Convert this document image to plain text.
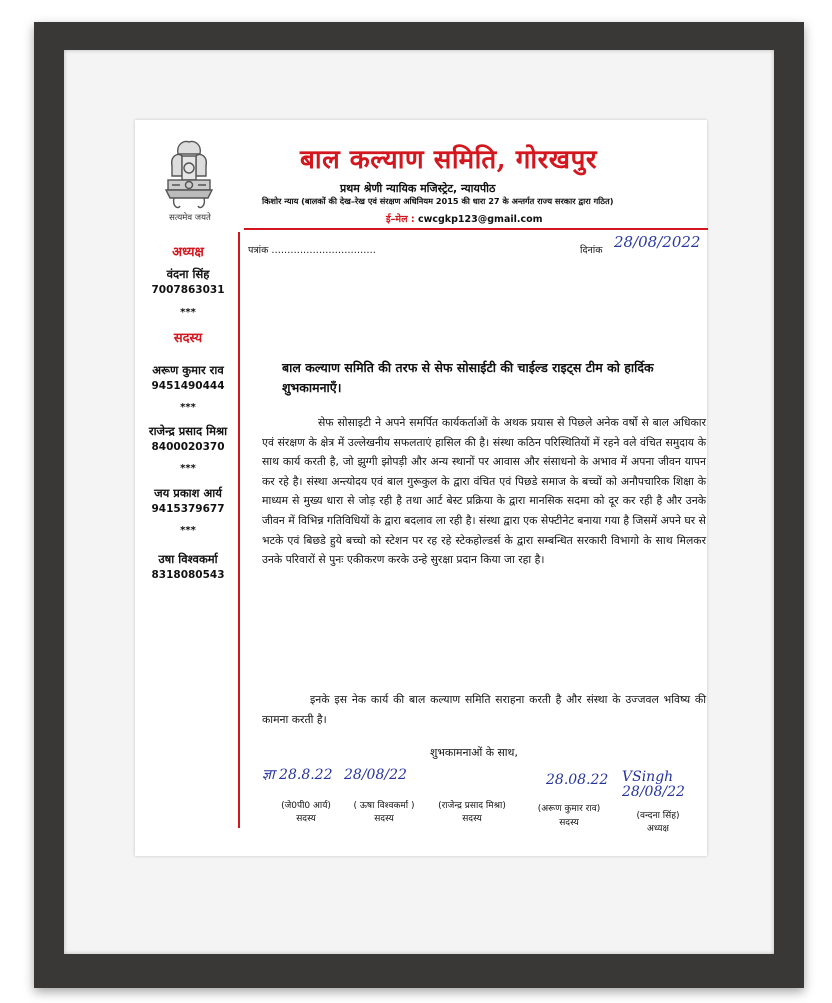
सत्यमेव जयते
बाल कल्याण समिति, गोरखपुर
प्रथम श्रेणी न्यायिक मजिस्ट्रेट, न्यायपीठ
किशोर न्याय (बालकों की देख–रेख एवं संरक्षण अधिनियम 2015 की धारा 27 के अन्तर्गत राज्य सरकार द्वारा गठित)
ई–मेल : cwcgkp123@gmail.com
पत्रांक ……………………………	दिनांक 28/08/2022
अध्यक्ष
वंदना सिंह
7007863031
***
सदस्य
अरूण कुमार राव
9451490444
***
राजेन्द्र प्रसाद मिश्रा
8400020370
***
जय प्रकाश आर्य
9415379677
***
उषा विश्वकर्मा
8318080543
बाल कल्याण समिति की तरफ से सेफ सोसाईटी की चाईल्ड राइट्स टीम को हार्दिक शुभकामनाएँ।
सेफ सोसाइटी ने अपने समर्पित कार्यकर्ताओं के अथक प्रयास से पिछले अनेक वर्षो से बाल अधिकार एवं संरक्षण के क्षेत्र में उल्लेखनीय सफलताएं हासिल की है। संस्था कठिन परिस्थितियों में रहने वले वंचित समुदाय के साथ कार्य करती है, जो झुग्गी झोपड़ी और अन्य स्थानों पर आवास और संसाधनो के अभाव में अपना जीवन यापन कर रहे है। संस्था अन्त्योदय एवं बाल गुरूकुल के द्वारा वंचित एवं पिछडे समाज के बच्चों को अनौपचारिक शिक्षा के माध्यम से मुख्य धारा से जोड़ रही है तथा आर्ट बेस्ट प्रक्रिया के द्वारा मानसिक सदमा को दूर कर रही है और उनके जीवन में विभिन्न गतिविधियों के द्वारा बदलाव ला रही है। संस्था द्वारा एक सेफ्टीनेट बनाया गया है जिसमें अपने घर से भटके एवं बिछडे हुये बच्चो को स्टेशन पर रह रहे स्टेकहोल्डर्स के द्वारा सम्बन्धित सरकारी विभागो के साथ मिलकर उनके परिवारों से पुनः एकीकरण करके उन्हे सुरक्षा प्रदान किया जा रहा है।
इनके इस नेक कार्य की बाल कल्याण समिति सराहना करती है और संस्था के उज्जवल भविष्य की कामना करती है।
शुभकामनाओं के साथ,
ज्ञा 28.8.22
(जे0पी0 आर्य)
सदस्य
28/08/22
( ऊषा विश्वकर्मा )
सदस्य
(राजेन्द्र प्रसाद मिश्रा)
सदस्य
28.08.22
(अरूण कुमार राव)
सदस्य
VSingh 28/08/22
(वन्दना सिंह)
अध्यक्ष
